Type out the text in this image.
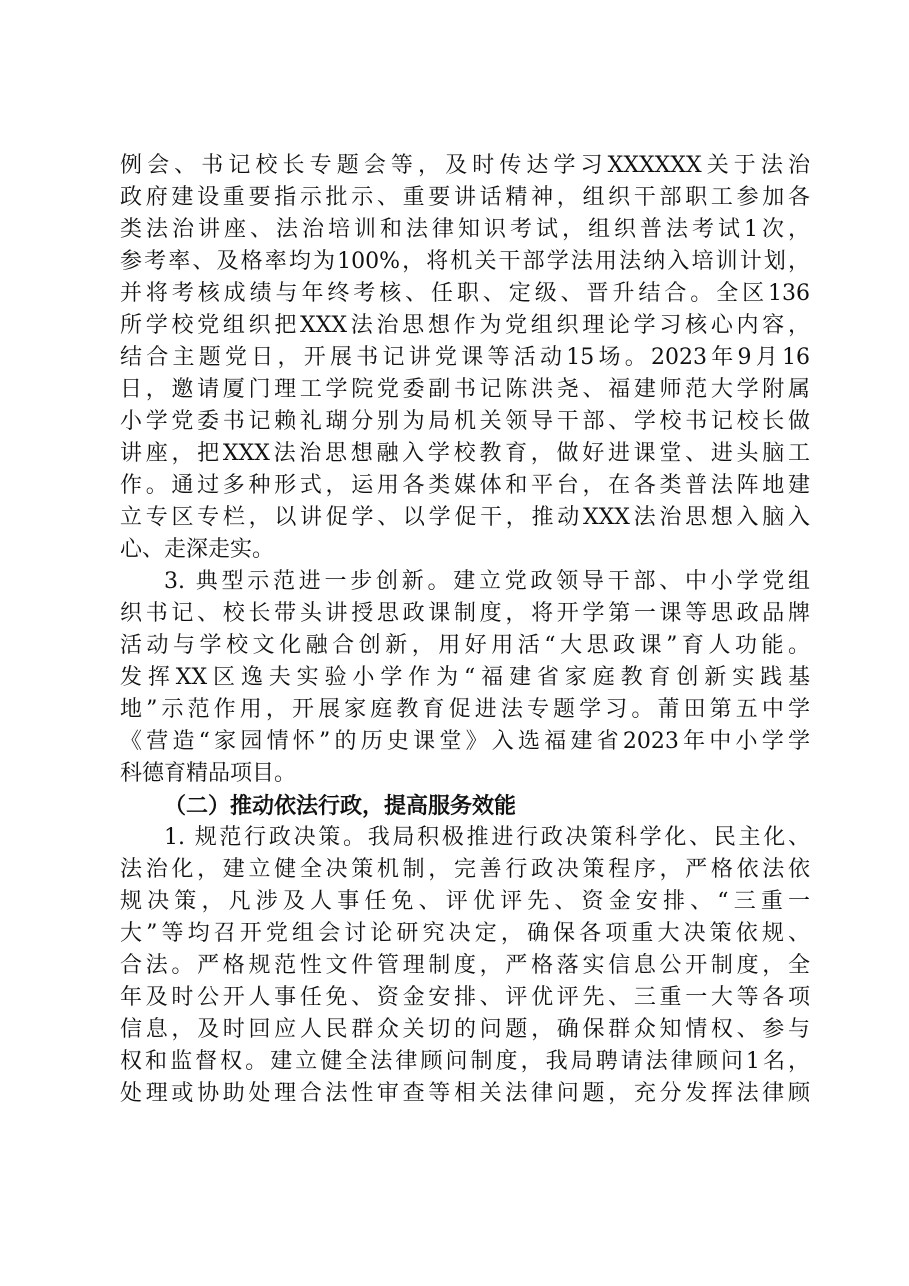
例会、书记校长专题会等，及时传达学习XXXXXX关于法治
政府建设重要指示批示、重要讲话精神，组织干部职工参加各
类法治讲座、法治培训和法律知识考试，组织普法考试1次，
参考率、及格率均为100%，将机关干部学法用法纳入培训计划，
并将考核成绩与年终考核、任职、定级、晋升结合。全区136
所学校党组织把XXX法治思想作为党组织理论学习核心内容，
结合主题党日，开展书记讲党课等活动15场。2023年9月16
日，邀请厦门理工学院党委副书记陈洪尧、福建师范大学附属
小学党委书记赖礼瑚分别为局机关领导干部、学校书记校长做
讲座，把XXX法治思想融入学校教育，做好进课堂、进头脑工
作。通过多种形式，运用各类媒体和平台，在各类普法阵地建
立专区专栏，以讲促学、以学促干，推动XXX法治思想入脑入
心、走深走实。
3. 典型示范进一步创新。建立党政领导干部、中小学党组
织书记、校长带头讲授思政课制度，将开学第一课等思政品牌
活动与学校文化融合创新，用好用活“大思政课”育人功能。
发挥XX区逸夫实验小学作为“福建省家庭教育创新实践基
地”示范作用，开展家庭教育促进法专题学习。莆田第五中学
《营造“家园情怀”的历史课堂》入选福建省2023年中小学学
科德育精品项目。
（二）推动依法行政，提高服务效能
1. 规范行政决策。我局积极推进行政决策科学化、民主化、
法治化，建立健全决策机制，完善行政决策程序，严格依法依
规决策，凡涉及人事任免、评优评先、资金安排、“三重一
大”等均召开党组会讨论研究决定，确保各项重大决策依规、
合法。严格规范性文件管理制度，严格落实信息公开制度，全
年及时公开人事任免、资金安排、评优评先、三重一大等各项
信息，及时回应人民群众关切的问题，确保群众知情权、参与
权和监督权。建立健全法律顾问制度，我局聘请法律顾问1名，
处理或协助处理合法性审查等相关法律问题，充分发挥法律顾
